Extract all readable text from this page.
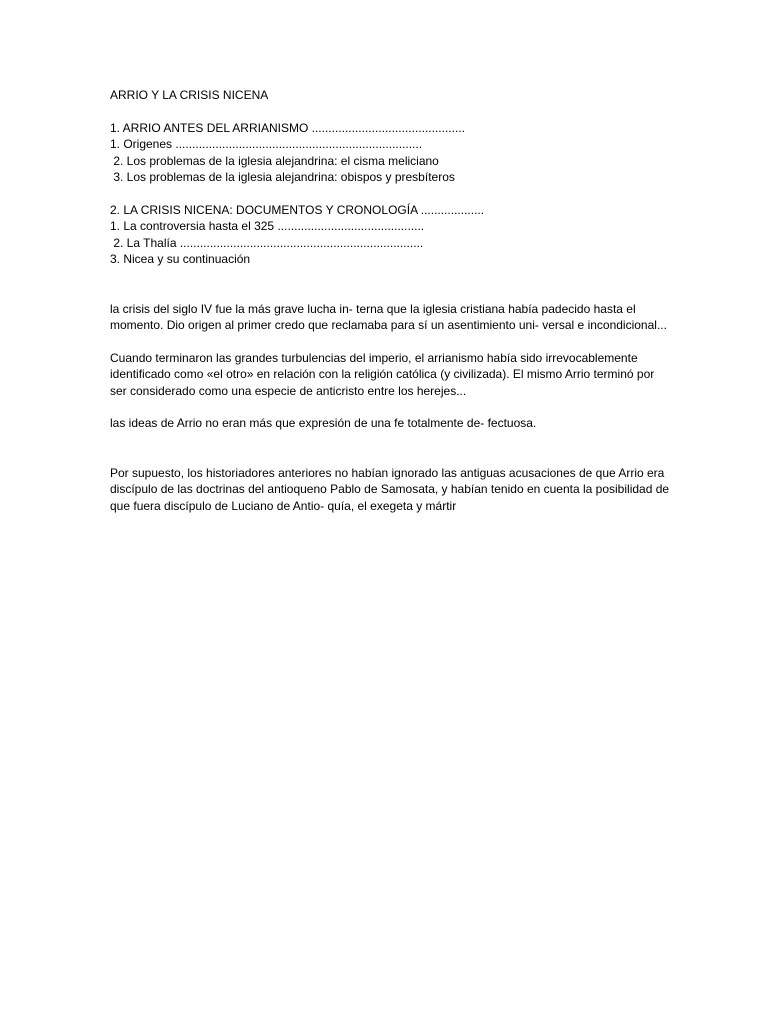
ARRIO Y LA CRISIS NICENA
1. ARRIO ANTES DEL ARRIANISMO ..............................................
1. Origenes ..........................................................................
2. Los problemas de la iglesia alejandrina: el cisma meliciano
3. Los problemas de la iglesia alejandrina: obispos y presbíteros
2. LA CRISIS NICENA: DOCUMENTOS Y CRONOLOGÍA ...................
1. La controversia hasta el 325 ............................................
2. La Thalía .........................................................................
3. Nicea y su continuación

la crisis del siglo IV fue la más grave lucha in- terna que la iglesia cristiana había padecido hasta el momento. Dio origen al primer credo que reclamaba para sí un asentimiento uni- versal e incondicional...

Cuando terminaron las grandes turbulencias del imperio, el arrianismo había sido irrevocablemente identificado como «el otro» en relación con la religión católica (y civilizada). El mismo Arrio terminó por ser considerado como una especie de anticristo entre los herejes...

las ideas de Arrio no eran más que expresión de una fe totalmente de- fectuosa.

Por supuesto, los historiadores anteriores no habían ignorado las antiguas acusaciones de que Arrio era discípulo de las doctrinas del antioqueno Pablo de Samosata, y habían tenido en cuenta la posibilidad de que fuera discípulo de Luciano de Antio- quía, el exegeta y mártir
